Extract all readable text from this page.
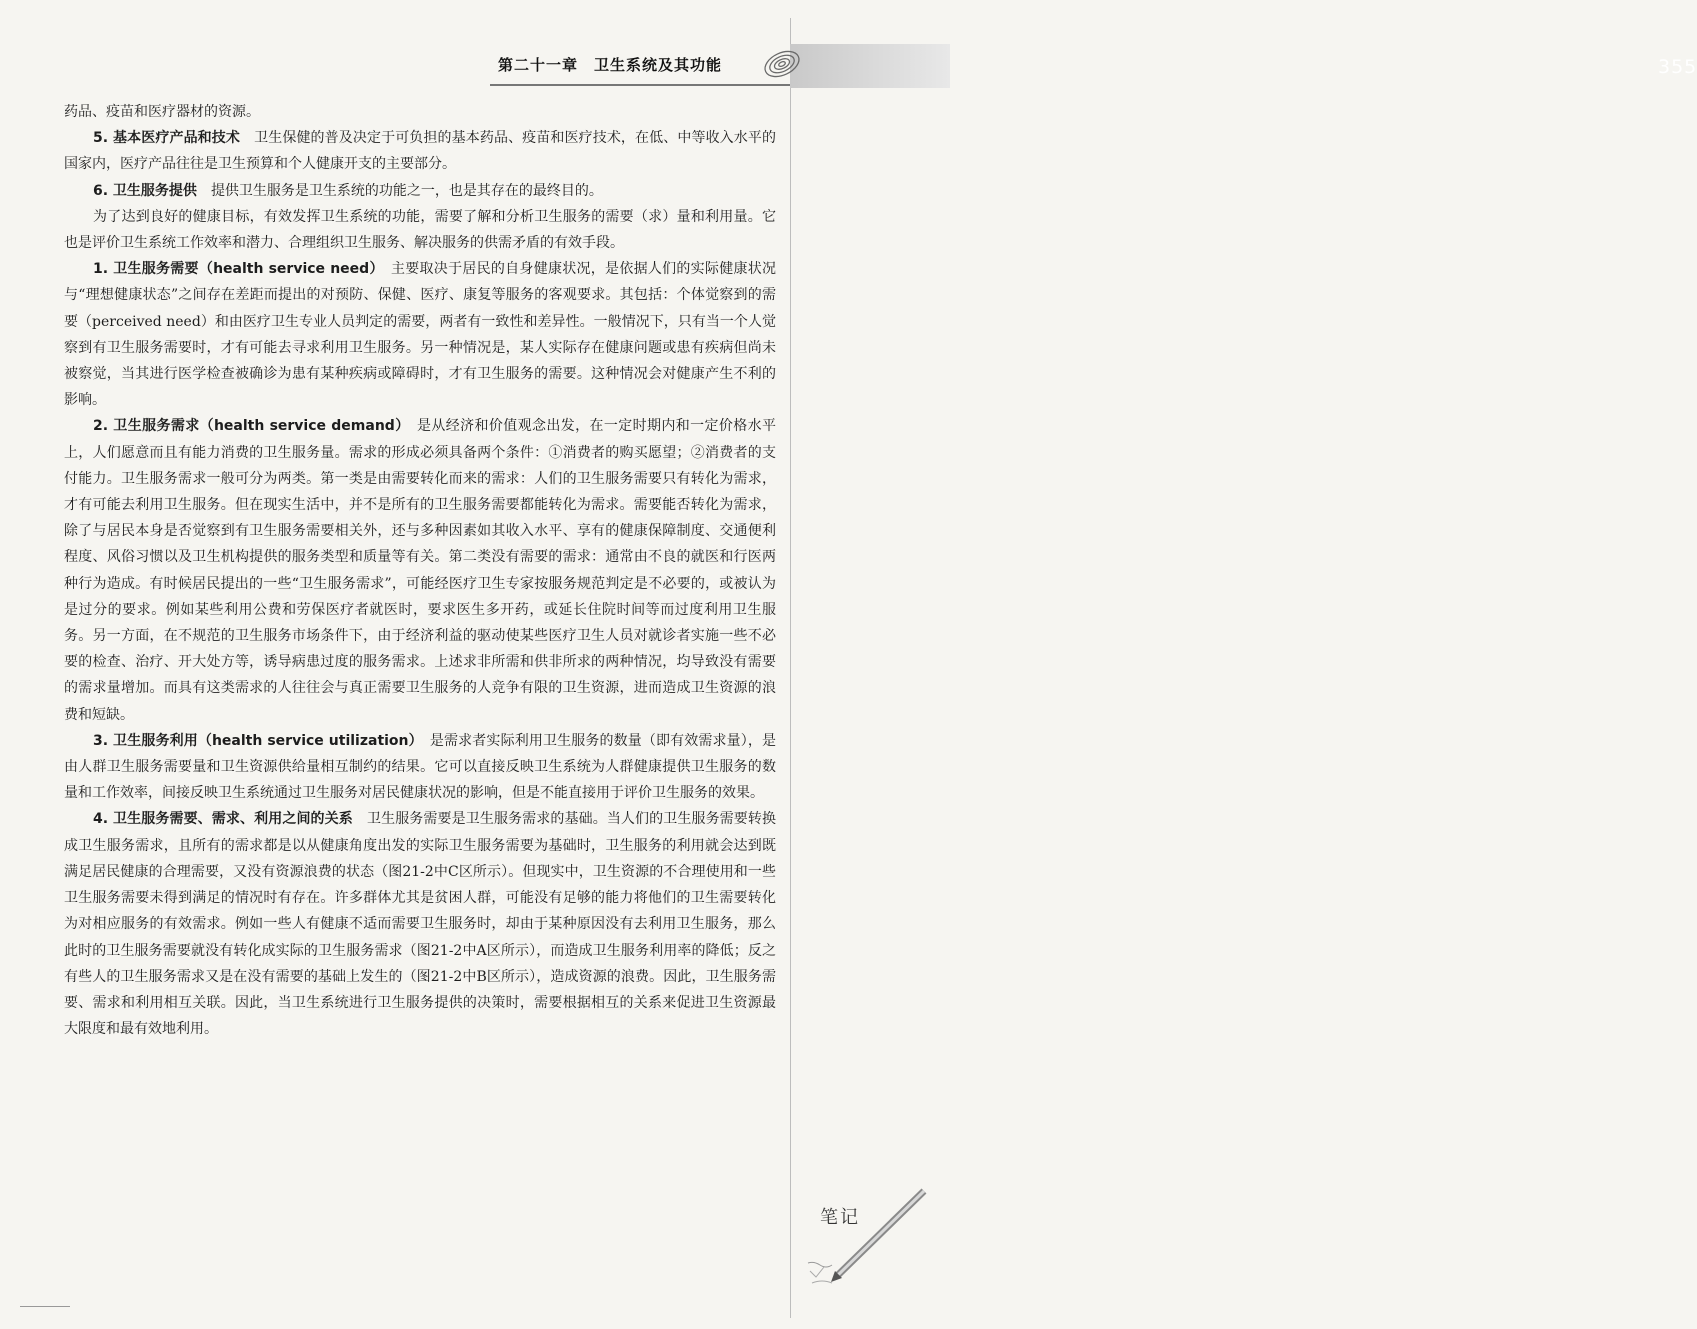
355
第二十一章　卫生系统及其功能

药品、疫苗和医疗器材的资源。

5. 基本医疗产品和技术　 卫生保健的普及决定于可负担的基本药品、疫苗和医疗技术，在低、中等收入水平的国家内，医疗产品往往是卫生预算和个人健康开支的主要部分。

6. 卫生服务提供　 提供卫生服务是卫生系统的功能之一，也是其存在的最终目的。

为了达到良好的健康目标，有效发挥卫生系统的功能，需要了解和分析卫生服务的需要（求）量和利用量。它也是评价卫生系统工作效率和潜力、合理组织卫生服务、解决服务的供需矛盾的有效手段。

1. 卫生服务需要（health service need）　 主要取决于居民的自身健康状况，是依据人们的实际健康状况与“理想健康状态”之间存在差距而提出的对预防、保健、医疗、康复等服务的客观要求。其包括：个体觉察到的需要（perceived need）和由医疗卫生专业人员判定的需要，两者有一致性和差异性。一般情况下，只有当一个人觉察到有卫生服务需要时，才有可能去寻求利用卫生服务。另一种情况是，某人实际存在健康问题或患有疾病但尚未被察觉，当其进行医学检查被确诊为患有某种疾病或障碍时，才有卫生服务的需要。这种情况会对健康产生不利的影响。

2. 卫生服务需求（health service demand）　 是从经济和价值观念出发，在一定时期内和一定价格水平上，人们愿意而且有能力消费的卫生服务量。需求的形成必须具备两个条件：①消费者的购买愿望；②消费者的支付能力。卫生服务需求一般可分为两类。第一类是由需要转化而来的需求：人们的卫生服务需要只有转化为需求，才有可能去利用卫生服务。但在现实生活中，并不是所有的卫生服务需要都能转化为需求。需要能否转化为需求，除了与居民本身是否觉察到有卫生服务需要相关外，还与多种因素如其收入水平、享有的健康保障制度、交通便利程度、风俗习惯以及卫生机构提供的服务类型和质量等有关。第二类没有需要的需求：通常由不良的就医和行医两种行为造成。有时候居民提出的一些“卫生服务需求”，可能经医疗卫生专家按服务规范判定是不必要的，或被认为是过分的要求。例如某些利用公费和劳保医疗者就医时，要求医生多开药，或延长住院时间等而过度利用卫生服务。另一方面，在不规范的卫生服务市场条件下，由于经济利益的驱动使某些医疗卫生人员对就诊者实施一些不必要的检查、治疗、开大处方等，诱导病患过度的服务需求。上述求非所需和供非所求的两种情况，均导致没有需要的需求量增加。而具有这类需求的人往往会与真正需要卫生服务的人竞争有限的卫生资源，进而造成卫生资源的浪费和短缺。

3. 卫生服务利用（health service utilization）　 是需求者实际利用卫生服务的数量（即有效需求量），是由人群卫生服务需要量和卫生资源供给量相互制约的结果。它可以直接反映卫生系统为人群健康提供卫生服务的数量和工作效率，间接反映卫生系统通过卫生服务对居民健康状况的影响，但是不能直接用于评价卫生服务的效果。

4. 卫生服务需要、需求、利用之间的关系　 卫生服务需要是卫生服务需求的基础。当人们的卫生服务需要转换成卫生服务需求，且所有的需求都是以从健康角度出发的实际卫生服务需要为基础时，卫生服务的利用就会达到既满足居民健康的合理需要，又没有资源浪费的状态（图21-2中C区所示）。但现实中，卫生资源的不合理使用和一些卫生服务需要未得到满足的情况时有存在。许多群体尤其是贫困人群，可能没有足够的能力将他们的卫生需要转化为对相应服务的有效需求。例如一些人有健康不适而需要卫生服务时，却由于某种原因没有去利用卫生服务，那么此时的卫生服务需要就没有转化成实际的卫生服务需求（图21-2中A区所示），而造成卫生服务利用率的降低；反之有些人的卫生服务需求又是在没有需要的基础上发生的（图21-2中B区所示），造成资源的浪费。因此，卫生服务需要、需求和利用相互关联。因此，当卫生系统进行卫生服务提供的决策时，需要根据相互的关系来促进卫生资源最大限度和最有效地利用。

笔记
